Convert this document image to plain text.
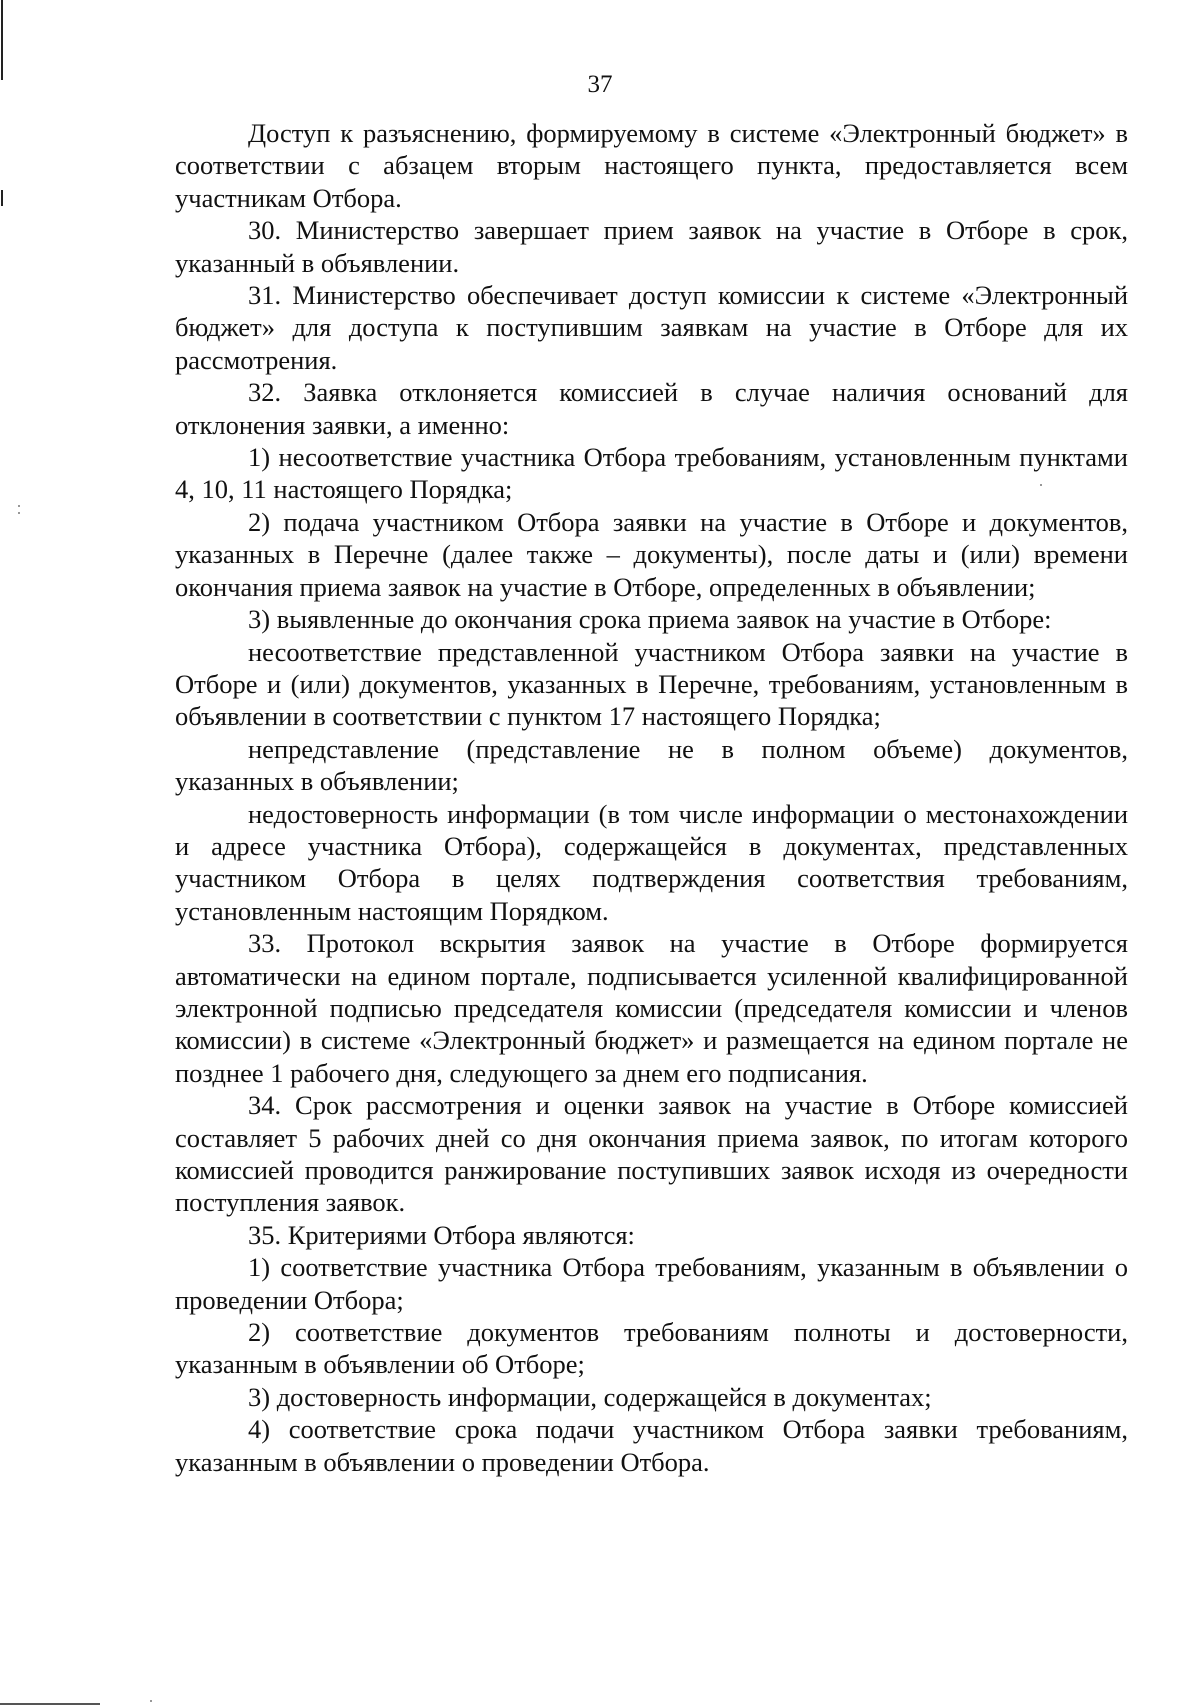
37

Доступ к разъяснению, формируемому в системе «Электронный бюджет» в соответствии с абзацем вторым настоящего пункта, предоставляется всем участникам Отбора.

30. Министерство завершает прием заявок на участие в Отборе в срок, указанный в объявлении.

31. Министерство обеспечивает доступ комиссии к системе «Электронный бюджет» для доступа к поступившим заявкам на участие в Отборе для их рассмотрения.

32. Заявка отклоняется комиссией в случае наличия оснований для отклонения заявки, а именно:

1) несоответствие участника Отбора требованиям, установленным пунктами 4, 10, 11 настоящего Порядка;

2) подача участником Отбора заявки на участие в Отборе и документов, указанных в Перечне (далее также – документы), после даты и (или) времени окончания приема заявок на участие в Отборе, определенных в объявлении;

3) выявленные до окончания срока приема заявок на участие в Отборе:

несоответствие представленной участником Отбора заявки на участие в Отборе и (или) документов, указанных в Перечне, требованиям, установленным в объявлении в соответствии с пунктом 17 настоящего Порядка;

непредставление (представление не в полном объеме) документов, указанных в объявлении;

недостоверность информации (в том числе информации о местонахождении и адресе участника Отбора), содержащейся в документах, представленных участником Отбора в целях подтверждения соответствия требованиям, установленным настоящим Порядком.

33. Протокол вскрытия заявок на участие в Отборе формируется автоматически на едином портале, подписывается усиленной квалифицированной электронной подписью председателя комиссии (председателя комиссии и членов комиссии) в системе «Электронный бюджет» и размещается на едином портале не позднее 1 рабочего дня, следующего за днем его подписания.

34. Срок рассмотрения и оценки заявок на участие в Отборе комиссией составляет 5 рабочих дней со дня окончания приема заявок, по итогам которого комиссией проводится ранжирование поступивших заявок исходя из очередности поступления заявок.

35. Критериями Отбора являются:

1) соответствие участника Отбора требованиям, указанным в объявлении о проведении Отбора;

2) соответствие документов требованиям полноты и достоверности, указанным в объявлении об Отборе;

3) достоверность информации, содержащейся в документах;

4) соответствие срока подачи участником Отбора заявки требованиям, указанным в объявлении о проведении Отбора.
